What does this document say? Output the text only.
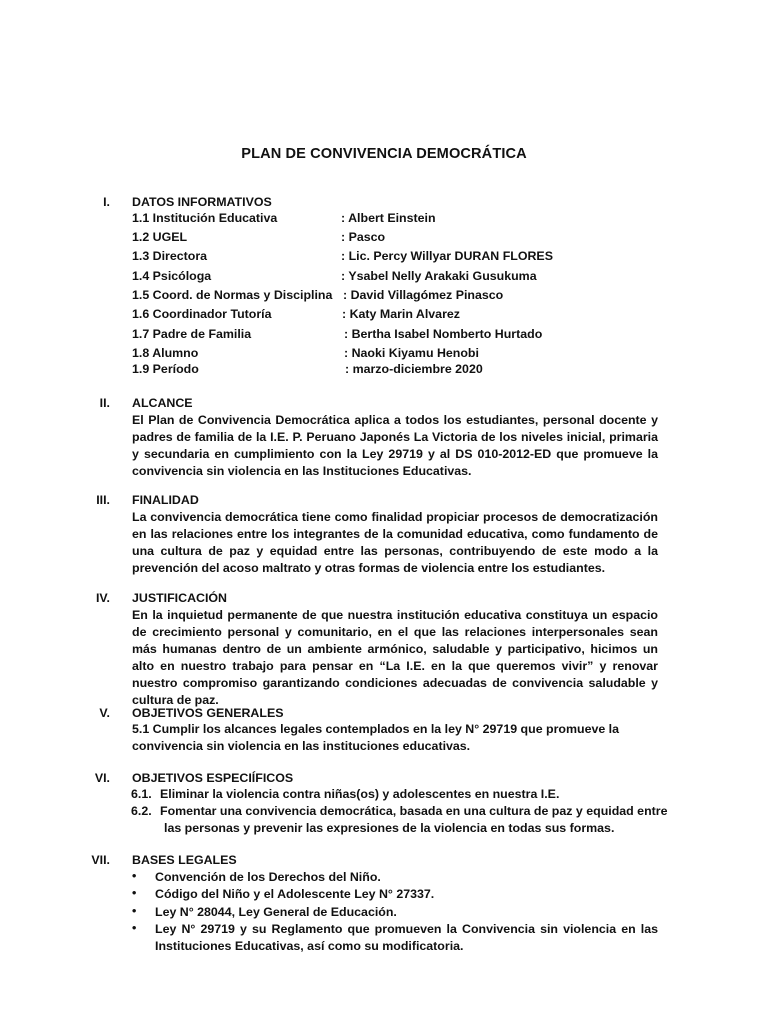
PLAN DE CONVIVENCIA DEMOCRÁTICA
I. DATOS INFORMATIVOS
1.1 Institución Educativa	: Albert Einstein
1.2 UGEL	: Pasco
1.3 Directora	: Lic. Percy Willyar DURAN FLORES
1.4 Psicóloga	: Ysabel Nelly Arakaki Gusukuma
1.5 Coord. de Normas y Disciplina : David Villagómez Pinasco
1.6 Coordinador Tutoría	: Katy Marin Alvarez
1.7 Padre de Familia	: Bertha Isabel Nomberto Hurtado
1.8 Alumno	: Naoki Kiyamu Henobi
1.9 Período	: marzo-diciembre 2020
II. ALCANCE
El Plan de Convivencia Democrática aplica a todos los estudiantes, personal docente y padres de familia de la I.E. P. Peruano Japonés La Victoria de los niveles inicial, primaria y secundaria en cumplimiento con la Ley 29719 y al DS 010-2012-ED que promueve la convivencia sin violencia en las Instituciones Educativas.
III. FINALIDAD
La convivencia democrática tiene como finalidad propiciar procesos de democratización en las relaciones entre los integrantes de la comunidad educativa, como fundamento de una cultura de paz y equidad entre las personas, contribuyendo de este modo a la prevención del acoso maltrato y otras formas de violencia entre los estudiantes.
IV. JUSTIFICACIÓN
En la inquietud permanente de que nuestra institución educativa constituya un espacio de crecimiento personal y comunitario, en el que las relaciones interpersonales sean más humanas dentro de un ambiente armónico, saludable y participativo, hicimos un alto en nuestro trabajo para pensar en “La I.E. en la que queremos vivir” y renovar nuestro compromiso garantizando condiciones adecuadas de convivencia saludable y cultura de paz.
V. OBJETIVOS GENERALES
5.1 Cumplir los alcances legales contemplados en la ley N° 29719 que promueve la
convivencia sin violencia en las instituciones educativas.
VI. OBJETIVOS ESPECIÍFICOS
6.1. Eliminar la violencia contra niñas(os) y adolescentes en nuestra I.E.
6.2. Fomentar una convivencia democrática, basada en una cultura de paz y equidad entre
las personas y prevenir las expresiones de la violencia en todas sus formas.
VII. BASES LEGALES
• Convención de los Derechos del Niño.
• Código del Niño y el Adolescente Ley N° 27337.
• Ley N° 28044, Ley General de Educación.
• Ley N° 29719 y su Reglamento que promueven la Convivencia sin violencia en las Instituciones Educativas, así como su modificatoria.
